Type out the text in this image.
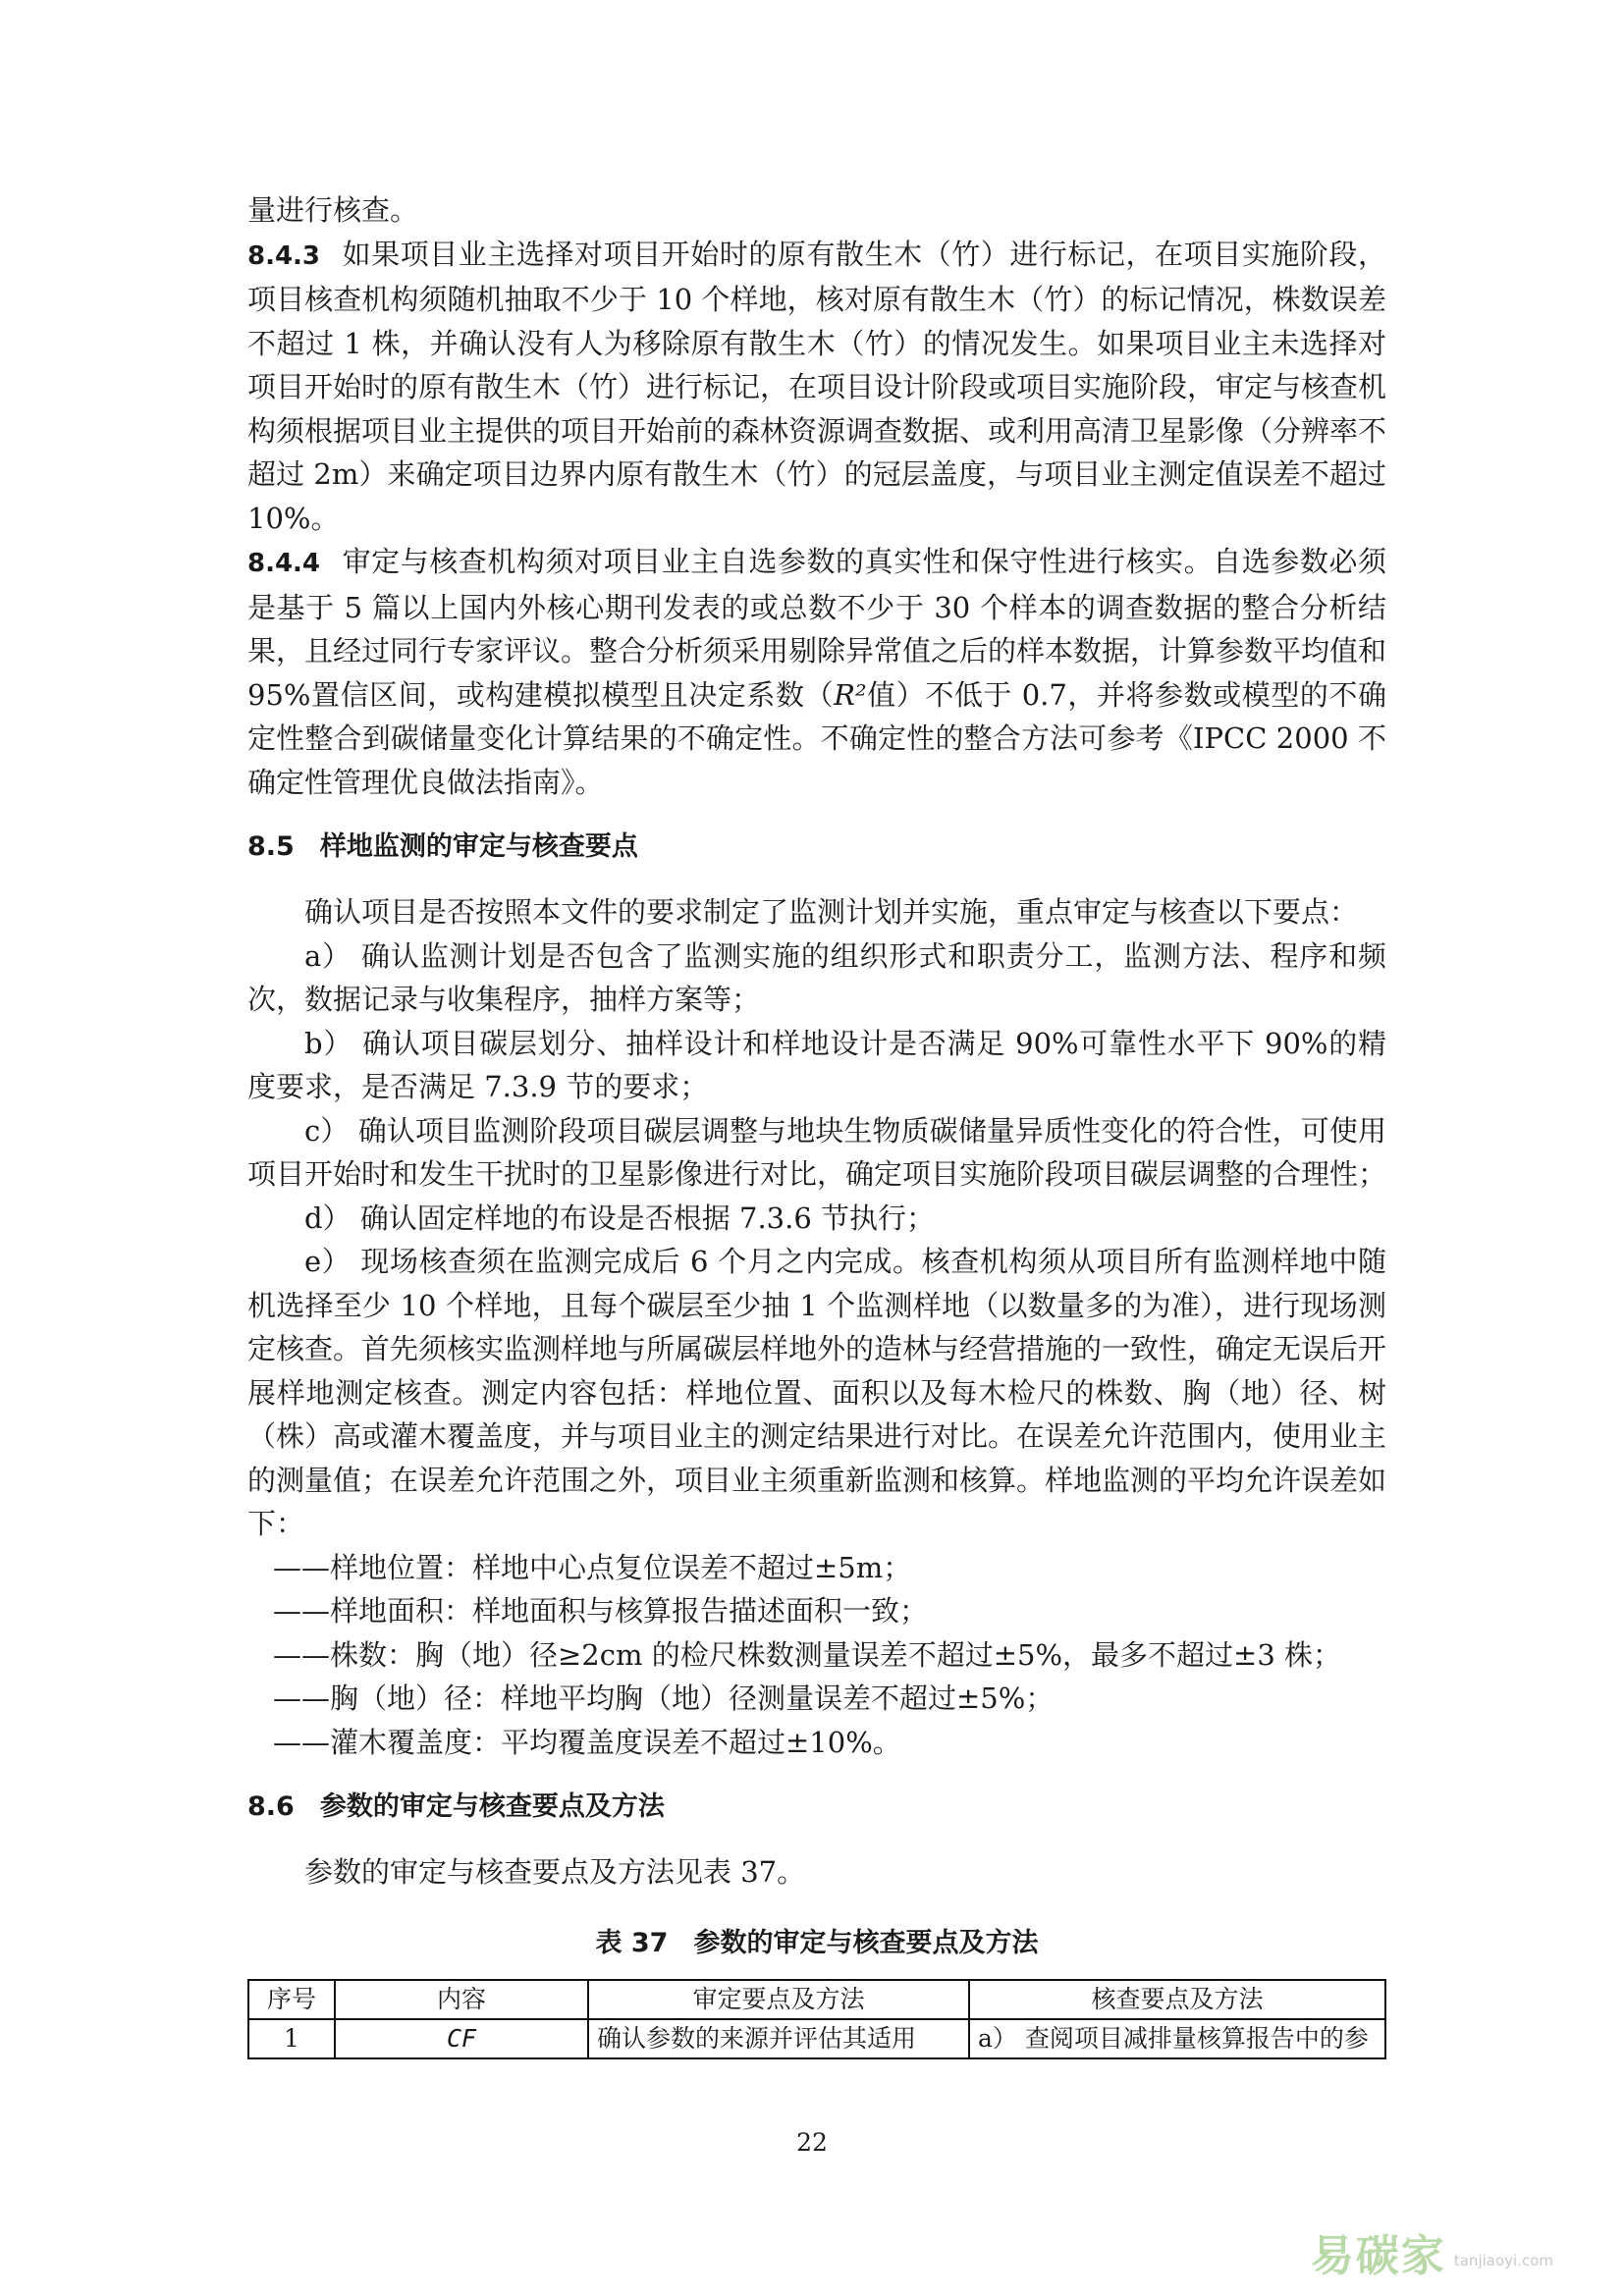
量进行核查。

8.4.3 如果项目业主选择对项目开始时的原有散生木（竹）进行标记，在项目实施阶段，项目核查机构须随机抽取不少于 10 个样地，核对原有散生木（竹）的标记情况，株数误差不超过 1 株，并确认没有人为移除原有散生木（竹）的情况发生。如果项目业主未选择对项目开始时的原有散生木（竹）进行标记，在项目设计阶段或项目实施阶段，审定与核查机构须根据项目业主提供的项目开始前的森林资源调查数据、或利用高清卫星影像（分辨率不超过 2m）来确定项目边界内原有散生木（竹）的冠层盖度，与项目业主测定值误差不超过 10%。

8.4.4 审定与核查机构须对项目业主自选参数的真实性和保守性进行核实。自选参数必须是基于 5 篇以上国内外核心期刊发表的或总数不少于 30 个样本的调查数据的整合分析结果，且经过同行专家评议。整合分析须采用剔除异常值之后的样本数据，计算参数平均值和 95%置信区间，或构建模拟模型且决定系数（R²值）不低于 0.7，并将参数或模型的不确定性整合到碳储量变化计算结果的不确定性。不确定性的整合方法可参考《IPCC 2000 不确定性管理优良做法指南》。

8.5 样地监测的审定与核查要点

确认项目是否按照本文件的要求制定了监测计划并实施，重点审定与核查以下要点：

a） 确认监测计划是否包含了监测实施的组织形式和职责分工，监测方法、程序和频次，数据记录与收集程序，抽样方案等；

b） 确认项目碳层划分、抽样设计和样地设计是否满足 90%可靠性水平下 90%的精度要求，是否满足 7.3.9 节的要求；

c） 确认项目监测阶段项目碳层调整与地块生物质碳储量异质性变化的符合性，可使用项目开始时和发生干扰时的卫星影像进行对比，确定项目实施阶段项目碳层调整的合理性；

d） 确认固定样地的布设是否根据 7.3.6 节执行；

e） 现场核查须在监测完成后 6 个月之内完成。核查机构须从项目所有监测样地中随机选择至少 10 个样地，且每个碳层至少抽 1 个监测样地（以数量多的为准），进行现场测定核查。首先须核实监测样地与所属碳层样地外的造林与经营措施的一致性，确定无误后开展样地测定核查。测定内容包括：样地位置、面积以及每木检尺的株数、胸（地）径、树（株）高或灌木覆盖度，并与项目业主的测定结果进行对比。在误差允许范围内，使用业主的测量值；在误差允许范围之外，项目业主须重新监测和核算。样地监测的平均允许误差如下：

——样地位置：样地中心点复位误差不超过±5m；

——样地面积：样地面积与核算报告描述面积一致；

——株数：胸（地）径≥2cm 的检尺株数测量误差不超过±5%，最多不超过±3 株；

——胸（地）径：样地平均胸（地）径测量误差不超过±5%；

——灌木覆盖度：平均覆盖度误差不超过±10%。

8.6 参数的审定与核查要点及方法

参数的审定与核查要点及方法见表 37。

表 37 参数的审定与核查要点及方法
序号	内容	审定要点及方法	核查要点及方法
1	CF	确认参数的来源并评估其适用	a） 查阅项目减排量核算报告中的参
22
易碳家 tanjiaoyi.com
